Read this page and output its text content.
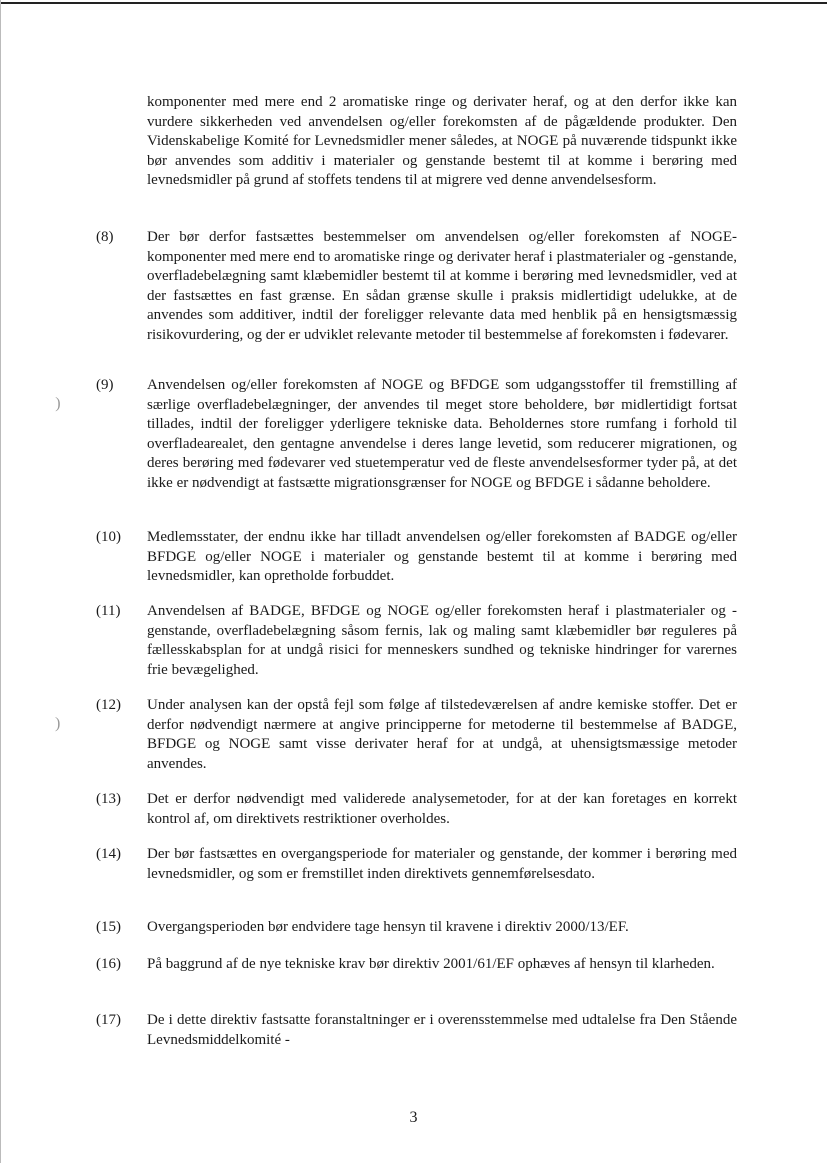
 )
)

komponenter med mere end 2 aromatiske ringe og derivater heraf, og at den derfor ikke kan vurdere sikkerheden ved anvendelsen og/eller forekomsten af de pågældende produkter. Den Videnskabelige Komité for Levnedsmidler mener således, at NOGE på nuværende tidspunkt ikke bør anvendes som additiv i materialer og genstande bestemt til at komme i berøring med levnedsmidler på grund af stoffets tendens til at migrere ved denne anvendelsesform.

(8)	Der bør derfor fastsættes bestemmelser om anvendelsen og/eller forekomsten af NOGE-komponenter med mere end to aromatiske ringe og derivater heraf i plastmaterialer og -genstande, overfladebelægning samt klæbemidler bestemt til at komme i berøring med levnedsmidler, ved at der fastsættes en fast grænse. En sådan grænse skulle i praksis midlertidigt udelukke, at de anvendes som additiver, indtil der foreligger relevante data med henblik på en hensigtsmæssig risikovurdering, og der er udviklet relevante metoder til bestemmelse af forekomsten i fødevarer.
(9)	Anvendelsen og/eller forekomsten af NOGE og BFDGE som udgangsstoffer til fremstilling af særlige overfladebelægninger, der anvendes til meget store beholdere, bør midlertidigt fortsat tillades, indtil der foreligger yderligere tekniske data. Beholdernes store rumfang i forhold til overfladearealet, den gentagne anvendelse i deres lange levetid, som reducerer migrationen, og deres berøring med fødevarer ved stuetemperatur ved de fleste anvendelsesformer tyder på, at det ikke er nødvendigt at fastsætte migrationsgrænser for NOGE og BFDGE i sådanne beholdere.
(10)	Medlemsstater, der endnu ikke har tilladt anvendelsen og/eller forekomsten af BADGE og/eller BFDGE og/eller NOGE i materialer og genstande bestemt til at komme i berøring med levnedsmidler, kan opretholde forbuddet.
(11)	Anvendelsen af BADGE, BFDGE og NOGE og/eller forekomsten heraf i plastmaterialer og -genstande, overfladebelægning såsom fernis, lak og maling samt klæbemidler bør reguleres på fællesskabsplan for at undgå risici for menneskers sundhed og tekniske hindringer for varernes frie bevægelighed.
(12)	Under analysen kan der opstå fejl som følge af tilstedeværelsen af andre kemiske stoffer. Det er derfor nødvendigt nærmere at angive principperne for metoderne til bestemmelse af BADGE, BFDGE og NOGE samt visse derivater heraf for at undgå, at uhensigtsmæssige metoder anvendes.
(13)	Det er derfor nødvendigt med validerede analysemetoder, for at der kan foretages en korrekt kontrol af, om direktivets restriktioner overholdes.
(14)	Der bør fastsættes en overgangsperiode for materialer og genstande, der kommer i berøring med levnedsmidler, og som er fremstillet inden direktivets gennemførelsesdato.
(15)	Overgangsperioden bør endvidere tage hensyn til kravene i direktiv 2000/13/EF.
(16)	På baggrund af de nye tekniske krav bør direktiv 2001/61/EF ophæves af hensyn til klarheden.
(17)	De i dette direktiv fastsatte foranstaltninger er i overensstemmelse med udtalelse fra Den Stående Levnedsmiddelkomité -
3
